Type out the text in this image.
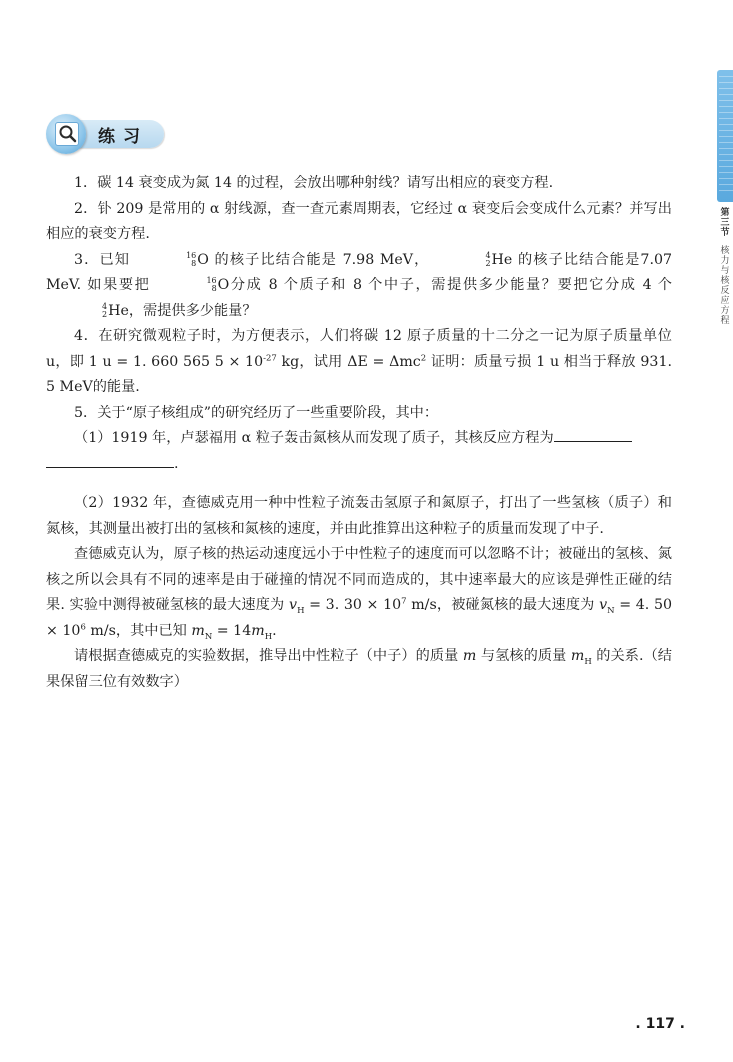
第三节
核力与核反应方程
练习

1．碳 14 衰变成为氮 14 的过程，会放出哪种射线？请写出相应的衰变方程.

2．钋 209 是常用的 α 射线源，查一查元素周期表，它经过 α 衰变后会变成什么元素？并写出相应的衰变方程.

3．已知	16
8 O 的核子比结合能是 7.98 MeV，	4
2 He 的核子比结合能是7.07 MeV. 如果要把	16
8 O分成 8 个质子和 8 个中子，需提供多少能量？要把它分成 4 个
4
2 He，需提供多少能量？

4．在研究微观粒子时，为方便表示，人们将碳 12 原子质量的十二分之一记为原子质量单位 u，即 1 u = 1. 660 565 $5 \times 10^{-27}$ kg，试用 ΔE = Δmc$^2$ 证明：质量亏损 1 u 相当于释放 931. 5 MeV的能量.

5．关于“原子核组成”的研究经历了一些重要阶段，其中：

（1）1919 年，卢瑟福用 α 粒子轰击氮核从而发现了质子，其核反应方程为

.

（2）1932 年，查德威克用一种中性粒子流轰击氢原子和氮原子，打出了一些氢核（质子）和氮核，其测量出被打出的氢核和氮核的速度，并由此推算出这种粒子的质量而发现了中子.

查德威克认为，原子核的热运动速度远小于中性粒子的速度而可以忽略不计；被碰出的氢核、氮核之所以会具有不同的速率是由于碰撞的情况不同而造成的，其中速率最大的应该是弹性正碰的结果. 实验中测得被碰氢核的最大速度为 $v_H = 3$. $30 \times 10^7$ m/s，被碰氮核的最大速度为 $v_N = 4$. $50 \times 10^6$ m/s，其中已知 $m_N = 14m_H$.

请根据查德威克的实验数据，推导出中性粒子（中子）的质量 m 与氢核的质量 $m_H$ 的关系.（结果保留三位有效数字）

. 117 .
